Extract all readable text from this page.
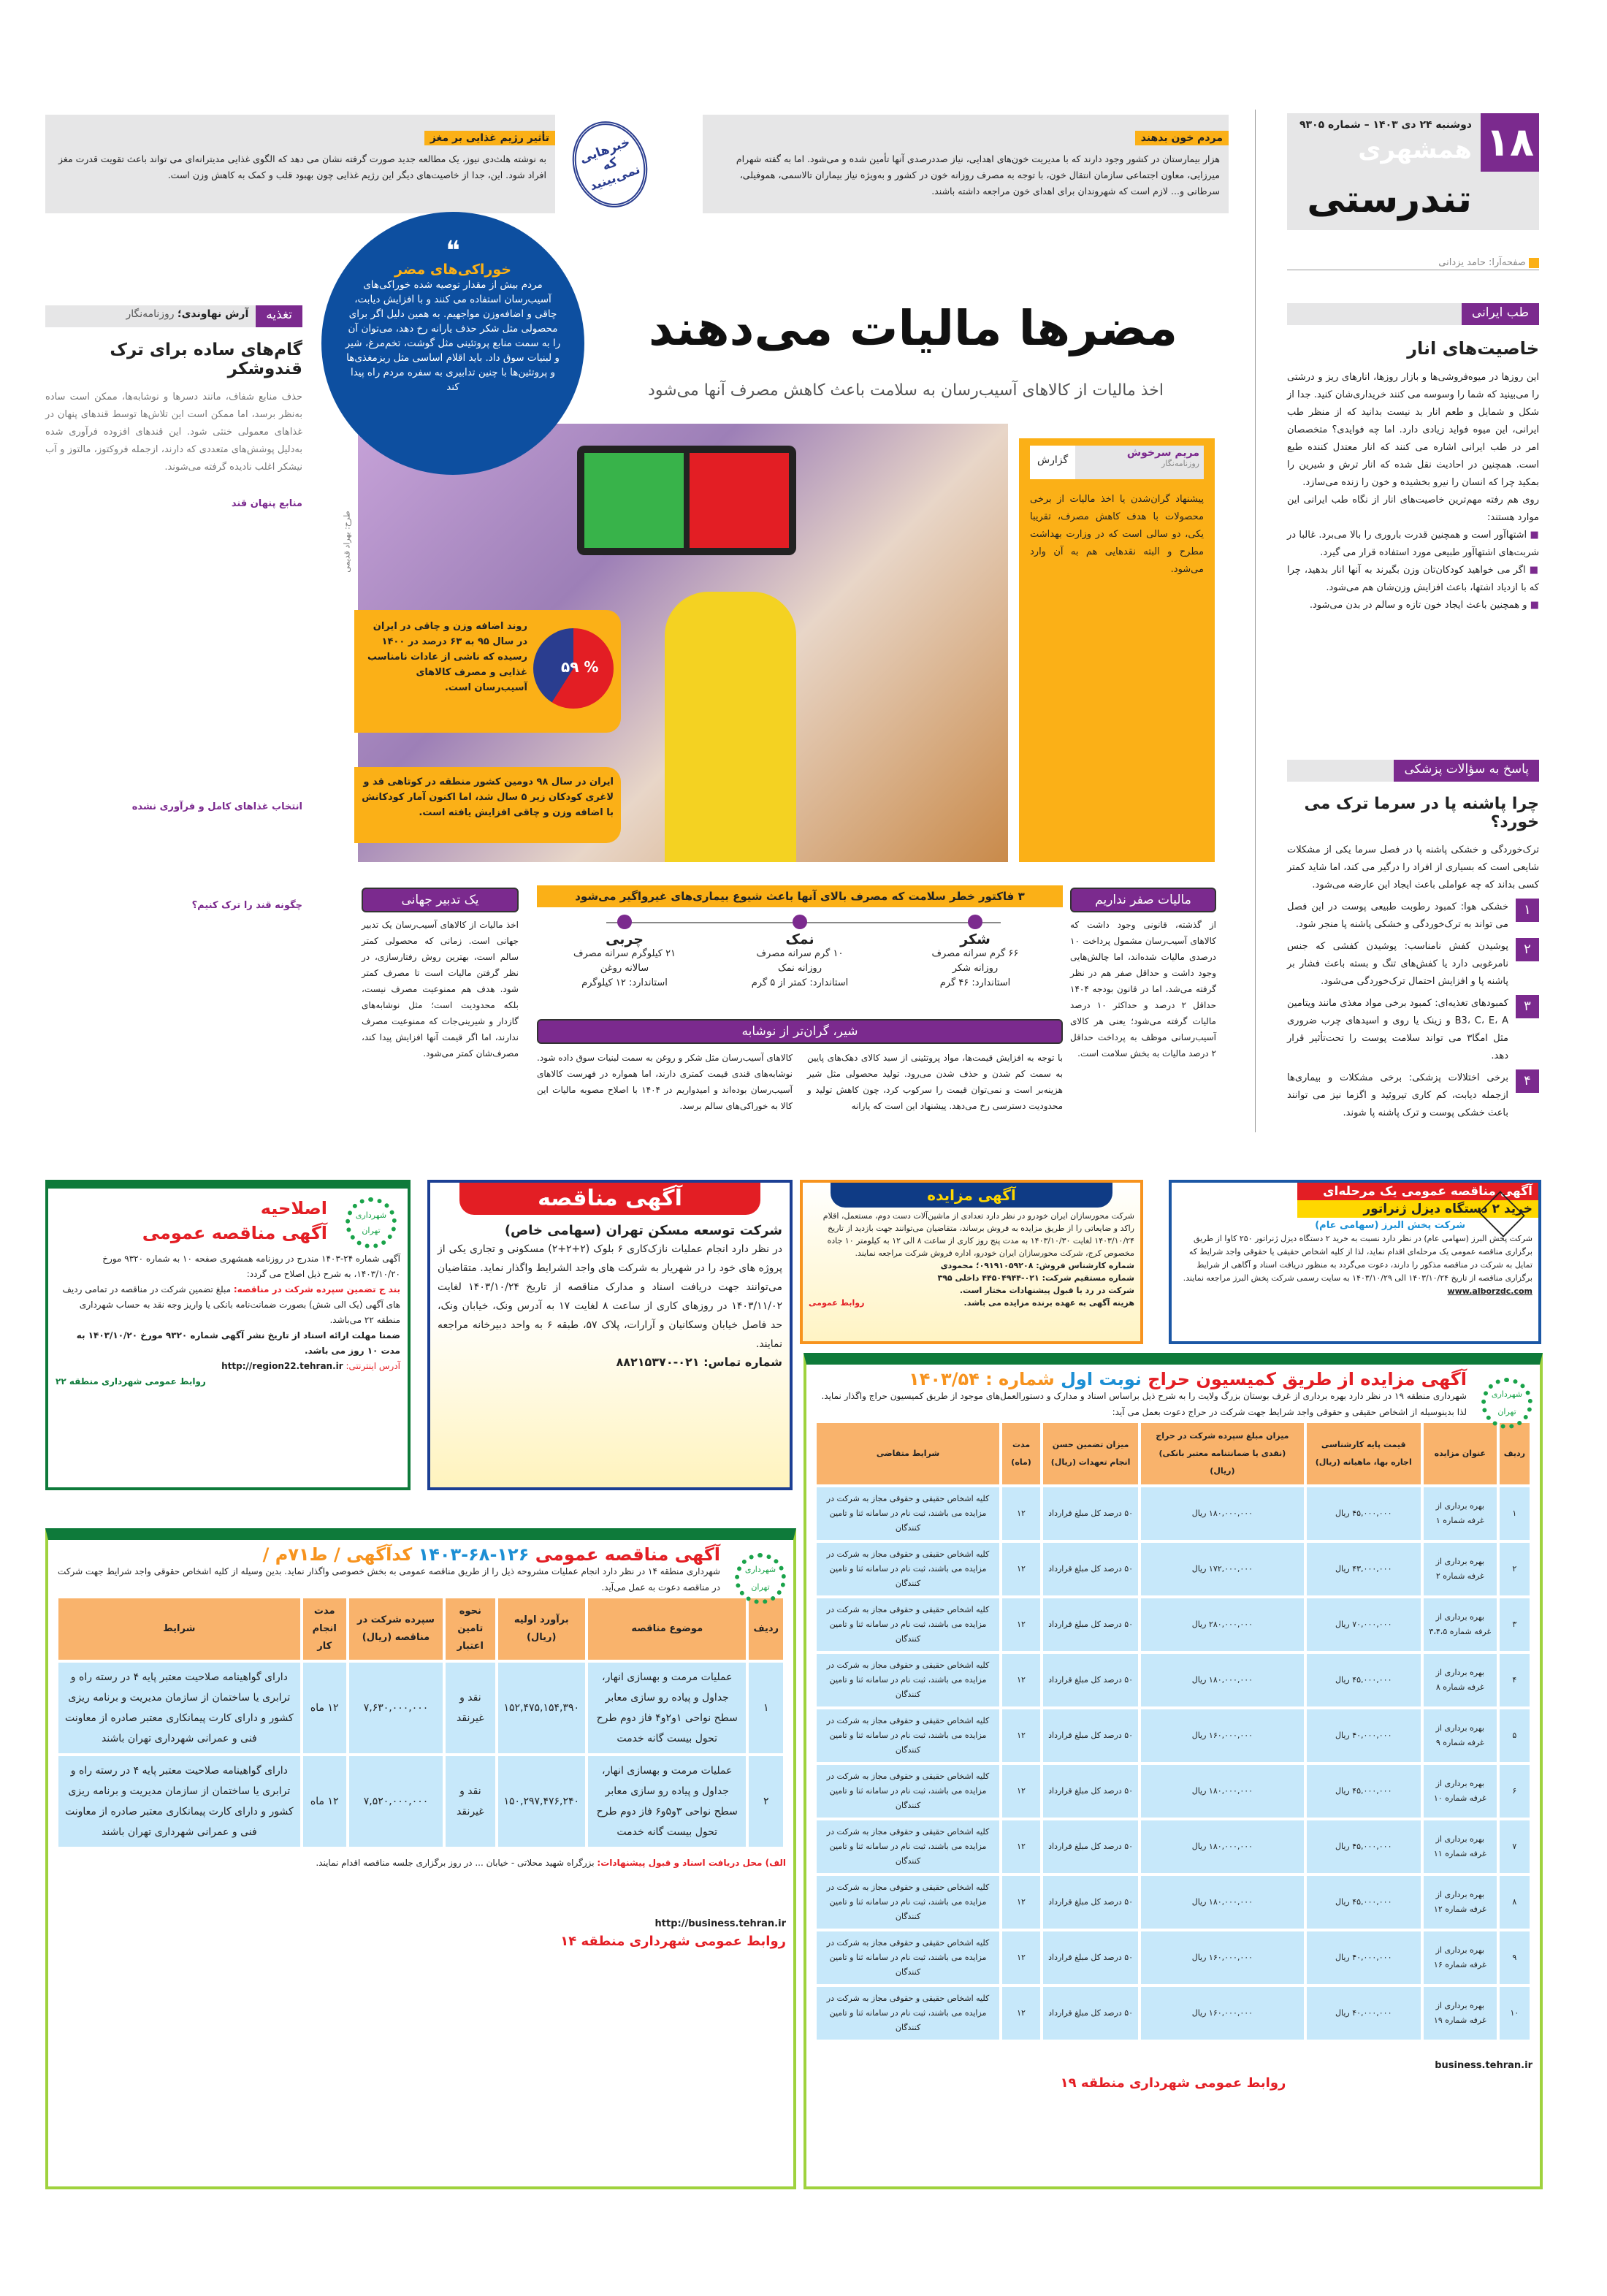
۱۸
دوشنبه ۲۴ دی ۱۴۰۳ – شماره ۹۳۰۵
همشهری
تندرستی
صفحه‌آرا: حامد یزدانی
مردم خون بدهند
هزار بیمارستان در کشور وجود دارند که با مدیریت خون‌های اهدایی، نیاز صددرصدی آنها تأمین شده و می‌شود. اما به گفته شهرام میرزایی، معاون اجتماعی سازمان انتقال خون، با توجه به مصرف روزانه خون در کشور و به‌ویژه نیاز بیماران تالاسمی، هموفیلی، سرطانی و... لازم است که شهروندان برای اهدای خون مراجعه داشته باشند.
خبرهایی که نمی‌بینید
تأثیر رژیم غذایی بر مغز
به نوشته هلث‌دی نیوز، یک مطالعه جدید صورت گرفته نشان می دهد که الگوی غذایی مدیترانه‌ای می تواند باعث تقویت قدرت مغز افراد شود. این، جدا از خاصیت‌های دیگر این رژیم غذایی چون بهبود قلب و کمک به کاهش وزن است.
طب ایرانی
خاصیت‌های انار

این روزها در میوه‌فروشی‌ها و بازار روزها، انارهای ریز و درشتی را می‌بینید که شما را وسوسه می کنند خریداری‌شان کنید. جدا از شکل و شمایل و طعم انار بد نیست بدانید که از منظر طب ایرانی، این میوه فواید زیادی دارد. اما چه فوایدی؟ متخصصان امر در طب ایرانی اشاره می کنند که انار معتدل کننده طبع است. همچنین در احادیث نقل شده که انار ترش و شیرین را بمکید چرا که انسان را نیرو بخشیده و خون را زنده می‌سازد.

روی هم رفته مهم‌ترین خاصیت‌های انار از نگاه طب ایرانی این موارد هستند:

■ اشتهاآور است و همچنین قدرت باروری را بالا می‌برد. غالبا در شربت‌های اشتهاآور طبیعی مورد استفاده قرار می گیرد.

■ اگر می خواهید کودکان‌تان وزن بگیرند به آنها انار بدهید، چرا که با ازدیاد اشتها، باعث افزایش وزن‌شان هم می‌شود.

■ و همچنین باعث ایجاد خون تازه و سالم در بدن می‌شود.

پاسخ به سؤالات پزشکی
چرا پاشنه پا در سرما ترک می خورد؟

ترک‌خوردگی و خشکی پاشنه پا در فصل سرما یکی از مشکلات شایعی است که بسیاری از افراد را درگیر می کند، اما شاید کمتر کسی بداند که چه عواملی باعث ایجاد این عارضه می‌شود.

۱
خشکی هوا: کمبود رطوبت طبیعی پوست در این فصل می تواند به ترک‌خوردگی و خشکی پاشنه پا منجر شود.
۲
پوشیدن کفش نامناسب: پوشیدن کفشی که جنس نامرغوبی دارد یا کفش‌های تنگ و بسته باعث فشار بر پاشنه پا و افزایش احتمال ترک‌خوردگی می‌شود.
۳
کمبودهای تغذیه‌ای: کمبود برخی مواد مغذی مانند ویتامین B3، C، E، A و زینک یا روی و اسیدهای چرب ضروری مثل امگا۳ می تواند سلامت پوست را تحت‌تأثیر قرار دهد.
۴
برخی اختلالات پزشکی: برخی مشکلات و بیماری‌ها ازجمله دیابت، کم کاری تیروئید و اگزما نیز می توانند باعث خشکی پوست و ترک پاشنه پا شوند.
مضرها مالیات می‌دهند
اخذ مالیات از کالاهای آسیب‌رسان به سلامت باعث کاهش مصرف آنها می‌شود
طرح: بهراد قدیمی
۵۹ %
روند اضافه وزن و چاقی در ایران در سال ۹۵ به ۶۳ درصد در ۱۴۰۰ رسیده که ناشی از عادات نامناسب غذایی و مصرف کالاهای آسیب‌رسان است.
ایران در سال ۹۸ دومین کشور منطقه در کوتاهی قد و لاغری کودکان زیر ۵ سال شد، اما اکنون آمار کودکانش با اضافه وزن و چاقی افزایش یافته است.
مریم سرخوش
روزنامه‌نگار
گزارش

پیشنهاد گران‌شدن یا اخذ مالیات از برخی محصولات با هدف کاهش مصرف، تقریبا یکی، دو سالی است که در وزارت بهداشت مطرح و البته نقدهایی هم به آن وارد می‌شود.

❝
خوراکی‌های مضر
مردم بیش از مقدار توصیه شده خوراکی‌های آسیب‌رسان استفاده می کنند و با افزایش دیابت، چاقی و اضافه‌وزن مواجهیم. به همین دلیل اگر برای محصولی مثل شکر حذف یارانه رخ دهد، می‌توان آن را به سمت منابع پروتئینی مثل گوشت، تخم‌مرغ، شیر و لبنیات سوق داد. باید اقلام اساسی مثل ریزمغذی‌ها و پروتئین‌ها با چنین تدابیری به سفره مردم راه پیدا کند
۳ فاکتور خطر سلامت که مصرف بالای آنها باعث شیوع بیماری‌های غیرواگیر می‌شود
شکر
۶۶ گرم سرانه مصرف
روزانه شکر
استاندارد: ۴۶ گرم
نمک
۱۰ گرم سرانه مصرف
روزانه نمک
استاندارد: کمتر از ۵ گرم
چربی
۲۱ کیلوگرم سرانه مصرف
سالانه روغن
استاندارد: ۱۲ کیلوگرم
مالیات صفر نداریم

از گذشته، قانونی وجود داشت که کالاهای آسیب‌رسان مشمول پرداخت ۱۰ درصدی مالیات شده‌اند، اما چالش‌هایی وجود داشت و حداقل صفر هم در نظر گرفته می‌شد، اما در قانون بودجه ۱۴۰۴ حداقل ۲ درصد و حداکثر ۱۰ درصد مالیات گرفته می‌شود؛ یعنی هر کالای آسیب‌رسانی موظف به پرداخت حداقل ۲ درصد مالیات به بخش سلامت است.

یک تدبیر جهانی

اخذ مالیات از کالاهای آسیب‌رسان یک تدبیر جهانی است. زمانی که محصولی کمتر سالم است، بهترین روش رفتارسازی، در نظر گرفتن مالیات است تا مصرف کمتر شود. هدف هم ممنوعیت مصرف نیست، بلکه محدودیت است؛ مثل نوشابه‌های گازدار و شیرینی‌جات که ممنوعیت مصرف ندارند، اما اگر قیمت آنها افزایش پیدا کند، مصرف‌شان کمتر می‌شود.

شیر، گران‌تر از نوشابه

با توجه به افزایش قیمت‌ها، مواد پروتئینی از سبد کالای دهک‌های پایین به سمت کم شدن و حذف شدن می‌رود. تولید محصولی مثل شیر هزینه‌بر است و نمی‌توان قیمت را سرکوب کرد، چون کاهش تولید و محدودیت دسترسی رخ می‌دهد. پیشنهاد این است که یارانه

کالاهای آسیب‌رسان مثل شکر و روغن به سمت لبنیات سوق داده شود. نوشابه‌های قندی قیمت کمتری دارند، اما همواره در فهرست کالاهای آسیب‌رسان بوده‌اند و امیدواریم در ۱۴۰۴ با اصلاح مصوبه مالیات این کالا به خوراکی‌های سالم برسد.

تغذیه
آرش نهاوندی؛ روزنامه‌نگار
گام‌های ساده برای ترک قندوشکر

حذف منابع شفاف، مانند دسرها و نوشابه‌ها، ممکن است ساده به‌نظر برسد، اما ممکن است این تلاش‌ها توسط قندهای پنهان در غذاهای معمولی خنثی شود. این قندهای افزوده فرآوری شده به‌دلیل پوشش‌های متعددی که دارند، ازجمله فروکتوز، مالتوز و آب نیشکر اغلب نادیده گرفته می‌شوند.

منابع پنهان قند

انتخاب غذاهای کامل و فرآوری نشده

چگونه قند را ترک کنیم؟

آگهی مناقصه عمومی یک مرحله‌ای
خرید ۲ دستگاه دیزل ژنراتور
شرکت پخش البرز (سهامی عام)
شرکت پخش البرز (سهامی عام) در نظر دارد نسبت به خرید ۲ دستگاه دیزل ژنراتور ۲۵۰ کاوا از طریق برگزاری مناقصه عمومی یک مرحله‌ای اقدام نماید، لذا از کلیه اشخاص حقیقی یا حقوقی واجد شرایط که تمایل به شرکت در مناقصه مذکور را دارند، دعوت می‌گردد به منظور دریافت اسناد و آگاهی از شرایط برگزاری مناقصه از تاریخ ۱۴۰۳/۱۰/۲۴ الی ۱۴۰۳/۱۰/۲۹ به سایت رسمی شرکت پخش البرز مراجعه نمایند.
www.alborzdc.com
آگهی مزایده
شرکت محورسازان ایران خودرو در نظر دارد تعدادی از ماشین‌آلات دست دوم، مستعمل، اقلام راکد و ضایعاتی را از طریق مزایده به فروش برساند، متقاضیان می‌توانند جهت بازدید از تاریخ ۱۴۰۳/۱۰/۲۴ لغایت ۱۴۰۳/۱۰/۳۰ به مدت پنج روز کاری از ساعت ۸ الی ۱۲ به کیلومتر ۱۰ جاده مخصوص کرج، شرکت محورسازان ایران خودرو، اداره فروش شرکت مراجعه نمایند.
شماره کارشناس فروش: ۰۹۱۹۱۰۵۹۲۰۸؛ محمودی
شماره مستقیم شرکت: ۰۲۱-۴۴۵۰۴۹۴۴ داخلی ۳۹۵
شرکت در رد یا قبول پیشنهادات مختار است.
هزینه آگهی به عهده برنده مزایده می باشد.
روابط عمومی
آگهی مناقصه
شرکت توسعه مسکن تهران (سهامی خاص)
در نظر دارد انجام عملیات نازک‌کاری ۶ بلوک (۲+۲+۲) مسکونی و تجاری یکی از پروژه های خود را در شهریار به شرکت های واجد الشرایط واگذار نماید. متقاضیان می‌توانند جهت دریافت اسناد و مدارک مناقصه از تاریخ ۱۴۰۳/۱۰/۲۴ لغایت ۱۴۰۳/۱۱/۰۲ در روزهای کاری از ساعت ۸ لغایت ۱۷ به آدرس ونک، خیابان ونک، حد فاصل خیابان وسکانیان و آرارات، پلاک ۵۷، طبقه ۶ به واحد دبیرخانه مراجعه نمایند.
شماره تماس: ۰۲۱-۸۸۲۱۵۳۷۰
شهرداری تهران
اصلاحیه
آگهی مناقصه عمومی
آگهی شماره ۲۴-۱۴۰۳ مندرج در روزنامه همشهری صفحه ۱۰ به شماره ۹۳۲۰ مورخ ۱۴۰۳/۱۰/۲۰، به شرح ذیل اصلاح می گردد:
بند ج تضمین سپرده شرکت در مناقصه: مبلغ تضمین شرکت در مناقصه در تمامی ردیف های آگهی (یک الی شش) بصورت ضمانت‌نامه بانکی یا واریز وجه نقد به حساب شهرداری منطقه ۲۲ می‌باشد.
ضمنا مهلت ارائه اسناد از تاریخ نشر آگهی شماره ۹۳۲۰ مورخ ۱۴۰۳/۱۰/۲۰ به مدت ۱۰ روز می باشد.
آدرس اینترنتی: http://region22.tehran.ir
روابط عمومی شهرداری منطقه ۲۲
شهرداری تهران
آگهی مزایده از طریق کمیسیون حراج نوبت اول شماره : ۱۴۰۳/۵۴
شهرداری منطقه ۱۹ در نظر دارد بهره برداری از غرف بوستان بزرگ ولایت را به شرح ذیل براساس اسناد و مدارک و دستورالعمل‌های موجود از طریق کمیسیون حراج واگذار نماید. لذا بدینوسیله از اشخاص حقیقی و حقوقی واجد شرایط جهت شرکت در حراج دعوت بعمل می آید:
ردیف	عنوان مزایده	قیمت پایه کارشناسی اجاره بها، ماهیانه (ریال)	میزان مبلغ سپرده شرکت در حراج (نقدی یا ضمانتنامه معتبر بانکی) (ریال)	میزان تضمین حسن انجام تعهدات (ریال)	مدت (ماه)	شرایط متقاضی
۱	بهره برداری از غرفه شماره ۱	۴۵,۰۰۰,۰۰۰ ریال	۱۸۰,۰۰۰,۰۰۰ ریال	۵۰ درصد کل مبلغ قرارداد	۱۲	کلیه اشخاص حقیقی و حقوقی مجاز به شرکت در مزایده می باشند، ثبت نام در سامانه ثنا و تامین کنندگان
۲	بهره برداری از غرفه شماره ۲	۴۳,۰۰۰,۰۰۰ ریال	۱۷۲,۰۰۰,۰۰۰ ریال	۵۰ درصد کل مبلغ قرارداد	۱۲	کلیه اشخاص حقیقی و حقوقی مجاز به شرکت در مزایده می باشند، ثبت نام در سامانه ثنا و تامین کنندگان
۳	بهره برداری از غرفه شماره ۳،۴،۵	۷۰,۰۰۰,۰۰۰ ریال	۲۸۰,۰۰۰,۰۰۰ ریال	۵۰ درصد کل مبلغ قرارداد	۱۲	کلیه اشخاص حقیقی و حقوقی مجاز به شرکت در مزایده می باشند، ثبت نام در سامانه ثنا و تامین کنندگان
۴	بهره برداری از غرفه شماره ۸	۴۵,۰۰۰,۰۰۰ ریال	۱۸۰,۰۰۰,۰۰۰ ریال	۵۰ درصد کل مبلغ قرارداد	۱۲	کلیه اشخاص حقیقی و حقوقی مجاز به شرکت در مزایده می باشند، ثبت نام در سامانه ثنا و تامین کنندگان
۵	بهره برداری از غرفه شماره ۹	۴۰,۰۰۰,۰۰۰ ریال	۱۶۰,۰۰۰,۰۰۰ ریال	۵۰ درصد کل مبلغ قرارداد	۱۲	کلیه اشخاص حقیقی و حقوقی مجاز به شرکت در مزایده می باشند، ثبت نام در سامانه ثنا و تامین کنندگان
۶	بهره برداری از غرفه شماره ۱۰	۴۵,۰۰۰,۰۰۰ ریال	۱۸۰,۰۰۰,۰۰۰ ریال	۵۰ درصد کل مبلغ قرارداد	۱۲	کلیه اشخاص حقیقی و حقوقی مجاز به شرکت در مزایده می باشند، ثبت نام در سامانه ثنا و تامین کنندگان
۷	بهره برداری از غرفه شماره ۱۱	۴۵,۰۰۰,۰۰۰ ریال	۱۸۰,۰۰۰,۰۰۰ ریال	۵۰ درصد کل مبلغ قرارداد	۱۲	کلیه اشخاص حقیقی و حقوقی مجاز به شرکت در مزایده می باشند، ثبت نام در سامانه ثنا و تامین کنندگان
۸	بهره برداری از غرفه شماره ۱۲	۴۵,۰۰۰,۰۰۰ ریال	۱۸۰,۰۰۰,۰۰۰ ریال	۵۰ درصد کل مبلغ قرارداد	۱۲	کلیه اشخاص حقیقی و حقوقی مجاز به شرکت در مزایده می باشند، ثبت نام در سامانه ثنا و تامین کنندگان
۹	بهره برداری از غرفه شماره ۱۶	۴۰,۰۰۰,۰۰۰ ریال	۱۶۰,۰۰۰,۰۰۰ ریال	۵۰ درصد کل مبلغ قرارداد	۱۲	کلیه اشخاص حقیقی و حقوقی مجاز به شرکت در مزایده می باشند، ثبت نام در سامانه ثنا و تامین کنندگان
۱۰	بهره برداری از غرفه شماره ۱۹	۴۰,۰۰۰,۰۰۰ ریال	۱۶۰,۰۰۰,۰۰۰ ریال	۵۰ درصد کل مبلغ قرارداد	۱۲	کلیه اشخاص حقیقی و حقوقی مجاز به شرکت در مزایده می باشند، ثبت نام در سامانه ثنا و تامین کنندگان
business.tehran.ir
روابط عمومی شهرداری منطقه ۱۹
شهرداری تهران
آگهی مناقصه عمومی ۱۲۶-۶۸-۱۴۰۳ کدآگهی / ط۷۱م /
شهرداری منطقه ۱۴ در نظر دارد انجام عملیات مشروحه ذیل را از طریق مناقصه عمومی به بخش خصوصی واگذار نماید. بدین وسیله از کلیه اشخاص حقوقی واجد شرایط جهت شرکت در مناقصه دعوت به عمل می‌آید.
ردیف	موضوع مناقصه	برآورد اولیه (ریال)	نحوه تامین اعتبار	سپرده شرکت در مناقصه (ریال)	مدت انجام کار	شرایط
۱	عملیات مرمت و بهسازی انهار، جداول و پیاده رو سازی معابر سطح نواحی ۱و۲و۴ فاز دوم طرح تحول بیست گانه خدمت	۱۵۲,۴۷۵,۱۵۴,۳۹۰	نقد و غیرنقد	۷,۶۳۰,۰۰۰,۰۰۰	۱۲ ماه	دارای گواهینامه صلاحیت معتبر پایه ۴ در رسته راه و ترابری یا ساختمان از سازمان مدیریت و برنامه ریزی کشور و دارای کارت پیمانکاری معتبر صادره از معاونت فنی و عمرانی شهرداری تهران باشند
۲	عملیات مرمت و بهسازی انهار، جداول و پیاده رو سازی معابر سطح نواحی ۳و۵و۶ فاز دوم طرح تحول بیست گانه خدمت	۱۵۰,۲۹۷,۴۷۶,۲۴۰	نقد و غیرنقد	۷,۵۲۰,۰۰۰,۰۰۰	۱۲ ماه	دارای گواهینامه صلاحیت معتبر پایه ۴ در رسته راه و ترابری یا ساختمان از سازمان مدیریت و برنامه ریزی کشور و دارای کارت پیمانکاری معتبر صادره از معاونت فنی و عمرانی شهرداری تهران باشند
الف) محل دریافت اسناد و قبول پیشنهادات: بزرگراه شهید محلاتی - خیابان ... در روز برگزاری جلسه مناقصه اقدام نمایند.
http://business.tehran.ir
روابط عمومی شهرداری منطقه ۱۴
